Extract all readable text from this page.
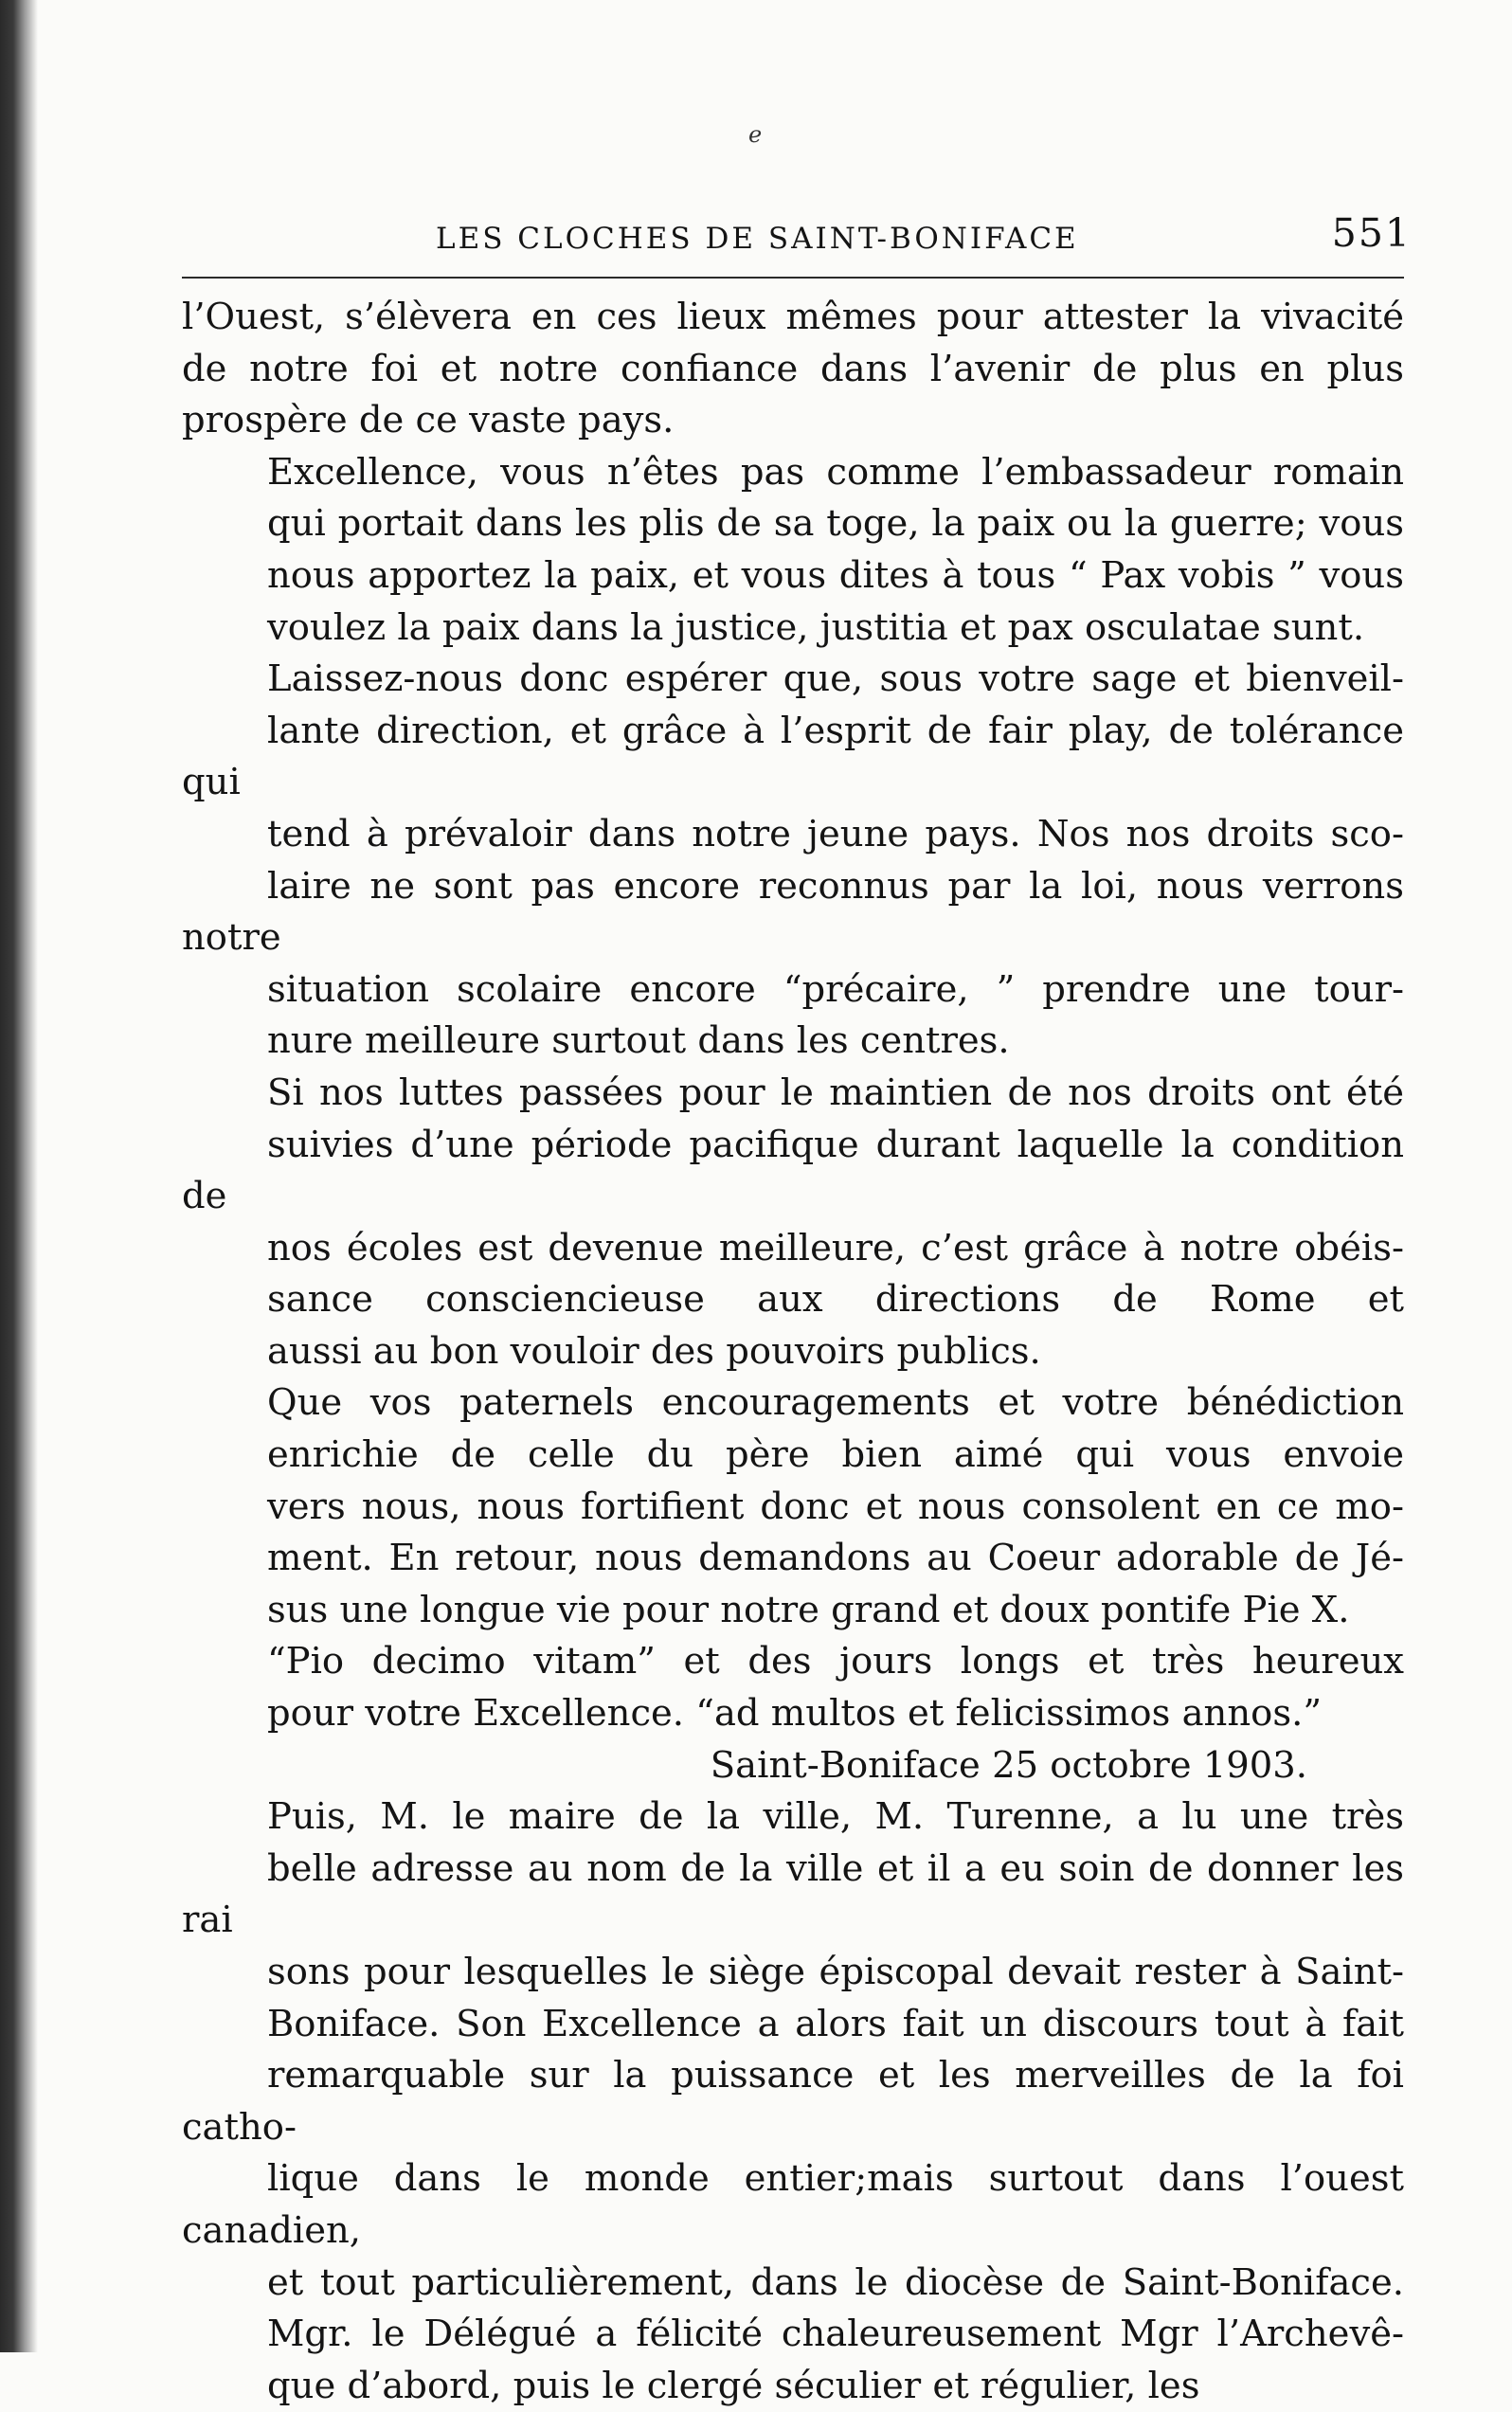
ℯ
LES CLOCHES DE SAINT-BONIFACE	551

l’Ouest, s’élèvera en ces lieux mêmes pour attester la vivacité
de notre foi et notre confiance dans l’avenir de plus en plus
prospère de ce vaste pays.

Excellence, vous n’êtes pas comme l’embassadeur romain
qui portait dans les plis de sa toge, la paix ou la guerre; vous
nous apportez la paix, et vous dites à tous “ Pax vobis ” vous
voulez la paix dans la justice, justitia et pax osculatae sunt.

Laissez-nous donc espérer que, sous votre sage et bienveil-
lante direction, et grâce à l’esprit de fair play, de tolérance qui
tend à prévaloir dans notre jeune pays. Nos nos droits sco-
laire ne sont pas encore reconnus par la loi, nous verrons notre
situation scolaire encore “précaire, ” prendre une tour-
nure meilleure surtout dans les centres.

Si nos luttes passées pour le maintien de nos droits ont été
suivies d’une période pacifique durant laquelle la condition de
nos écoles est devenue meilleure, c’est grâce à notre obéis-
sance consciencieuse aux directions de Rome et
aussi au bon vouloir des pouvoirs publics.

Que vos paternels encouragements et votre bénédiction
enrichie de celle du père bien aimé qui vous envoie
vers nous, nous fortifient donc et nous consolent en ce mo-
ment. En retour, nous demandons au Coeur adorable de Jé-
sus une longue vie pour notre grand et doux pontife Pie X.

“Pio decimo vitam” et des jours longs et très heureux
pour votre Excellence. “ad multos et felicissimos annos.”

Saint-Boniface 25 octobre 1903.

Puis, M. le maire de la ville, M. Turenne, a lu une très
belle adresse au nom de la ville et il a eu soin de donner les rai
sons pour lesquelles le siège épiscopal devait rester à Saint-
Boniface. Son Excellence a alors fait un discours tout à fait
remarquable sur la puissance et les merveilles de la foi catho-
lique dans le monde entier;mais surtout dans l’ouest canadien,
et tout particulièrement, dans le diocèse de Saint-Boniface.
Mgr. le Délégué a félicité chaleureusement Mgr l’Archevê-
que d’abord, puis le clergé séculier et régulier, les
